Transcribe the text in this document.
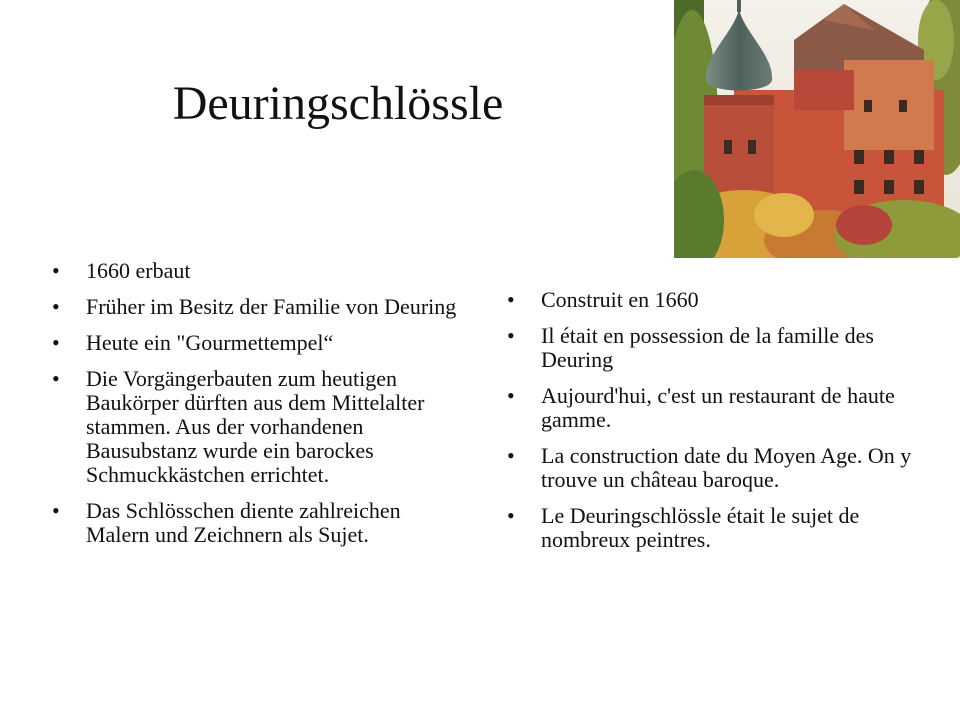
Deuringschlössle
• 1660 erbaut
• Früher im Besitz der Familie von Deuring
• Heute ein "Gourmettempel“
• Die Vorgängerbauten zum heutigen Baukörper dürften aus dem Mittelalter stammen. Aus der vorhandenen Bausubstanz wurde ein barockes Schmuckkästchen errichtet.
• Das Schlösschen diente zahlreichen Malern und Zeichnern als Sujet.
• Construit en 1660
• Il était en possession de la famille des Deuring
• Aujourd'hui, c'est un restaurant de haute gamme.
• La construction date du Moyen Age. On y trouve un château baroque.
• Le Deuringschlössle était le sujet de nombreux peintres.
